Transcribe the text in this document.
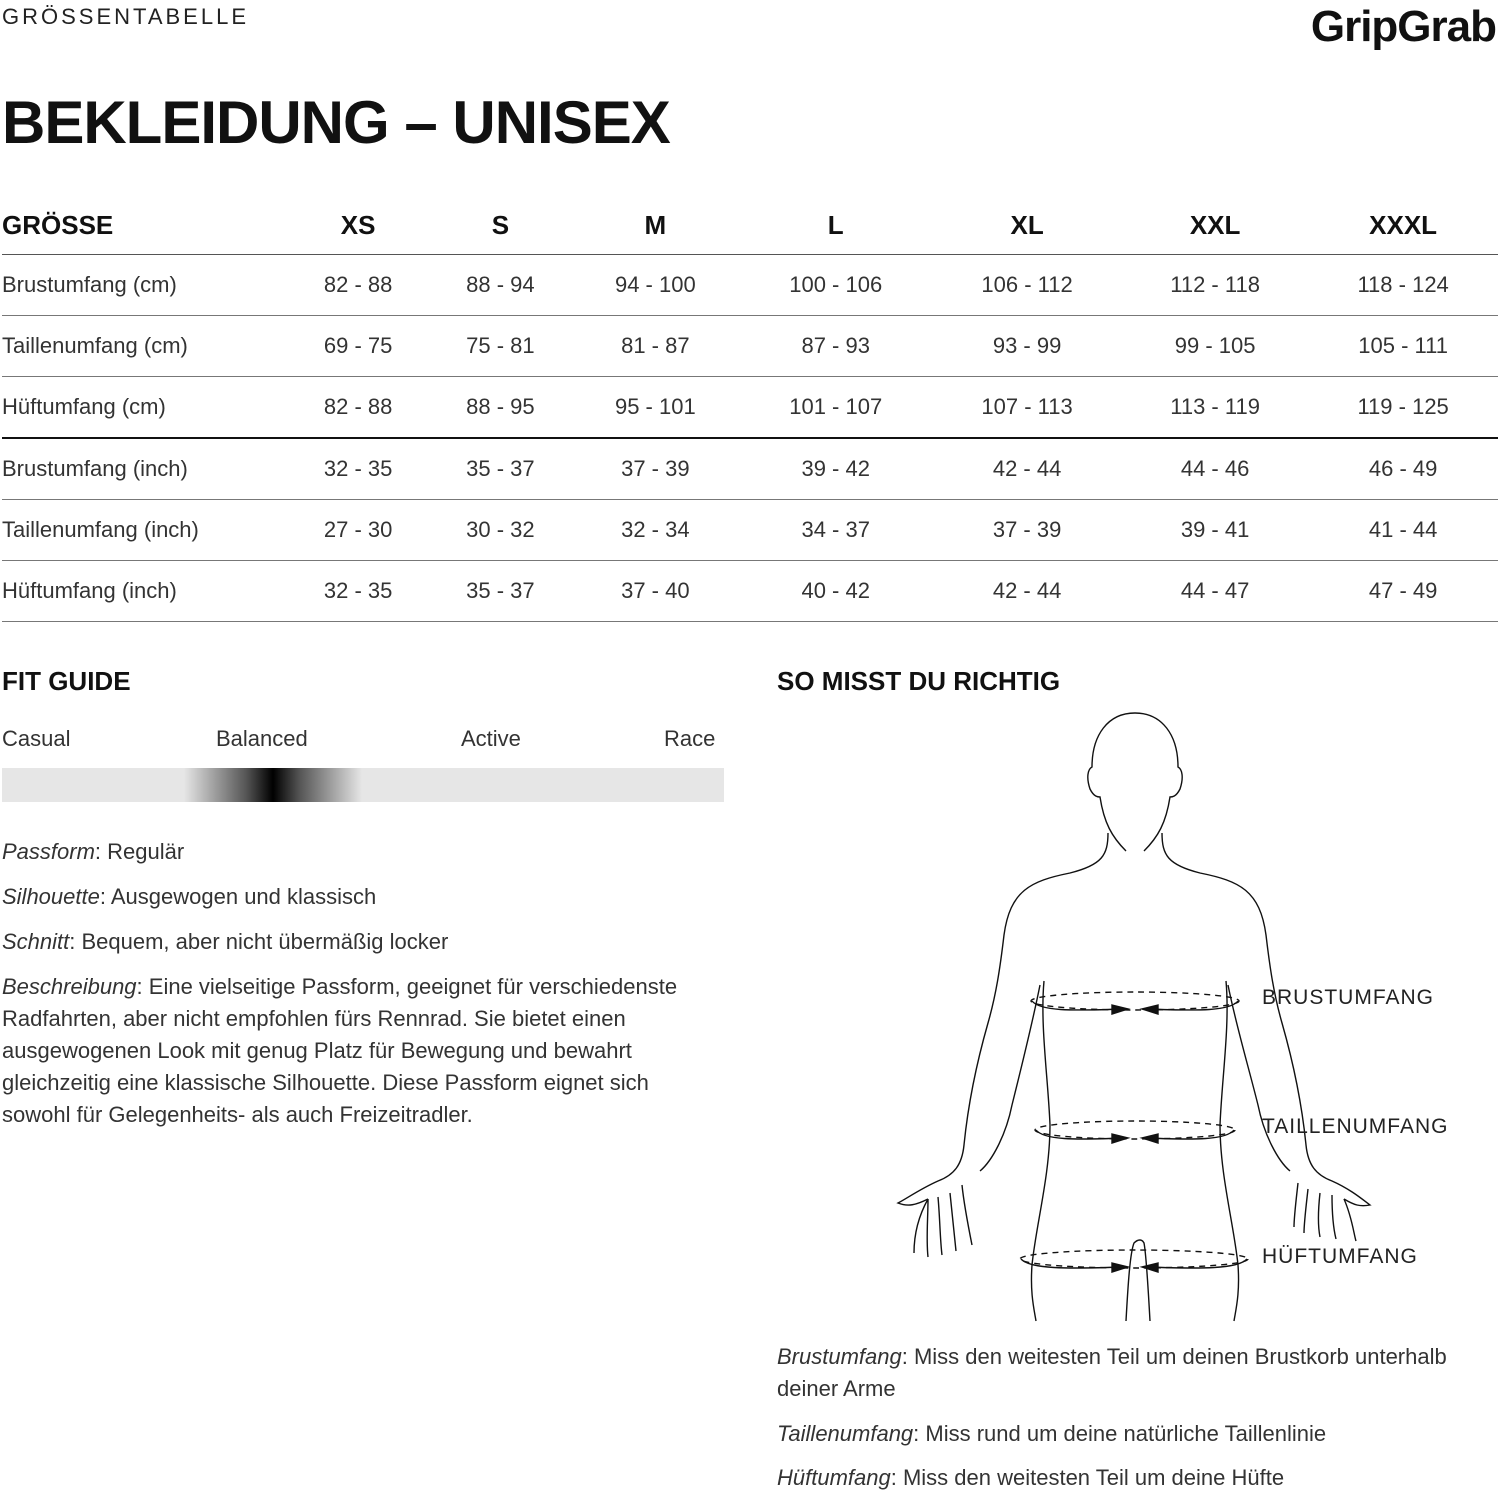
GRÖSSENTABELLE	GripGrab
BEKLEIDUNG – UNISEX
GRÖSSE	XS	S	M	L	XL	XXL	XXXL
Brustumfang (cm)	82 - 88	88 - 94	94 - 100	100 - 106	106 - 112	112 - 118	118 - 124
Taillenumfang (cm)	69 - 75	75 - 81	81 - 87	87 - 93	93 - 99	99 - 105	105 - 111
Hüftumfang (cm)	82 - 88	88 - 95	95 - 101	101 - 107	107 - 113	113 - 119	119 - 125
Brustumfang (inch)	32 - 35	35 - 37	37 - 39	39 - 42	42 - 44	44 - 46	46 - 49
Taillenumfang (inch)	27 - 30	30 - 32	32 - 34	34 - 37	37 - 39	39 - 41	41 - 44
Hüftumfang (inch)	32 - 35	35 - 37	37 - 40	40 - 42	42 - 44	44 - 47	47 - 49
FIT GUIDE
Casual	Balanced	Active	Race
Passform: Regulär
Silhouette: Ausgewogen und klassisch
Schnitt: Bequem, aber nicht übermäßig locker
Beschreibung: Eine vielseitige Passform, geeignet für verschiedenste Radfahrten, aber nicht empfohlen fürs Rennrad. Sie bietet einen ausgewogenen Look mit genug Platz für Bewegung und bewahrt gleichzeitig eine klassische Silhouette. Diese Passform eignet sich sowohl für Gelegenheits- als auch Freizeitradler.
SO MISST DU RICHTIG
BRUSTUMFANG
TAILLENUMFANG
HÜFTUMFANG
Brustumfang: Miss den weitesten Teil um deinen Brustkorb unterhalb deiner Arme
Taillenumfang: Miss rund um deine natürliche Taillenlinie
Hüftumfang: Miss den weitesten Teil um deine Hüfte
